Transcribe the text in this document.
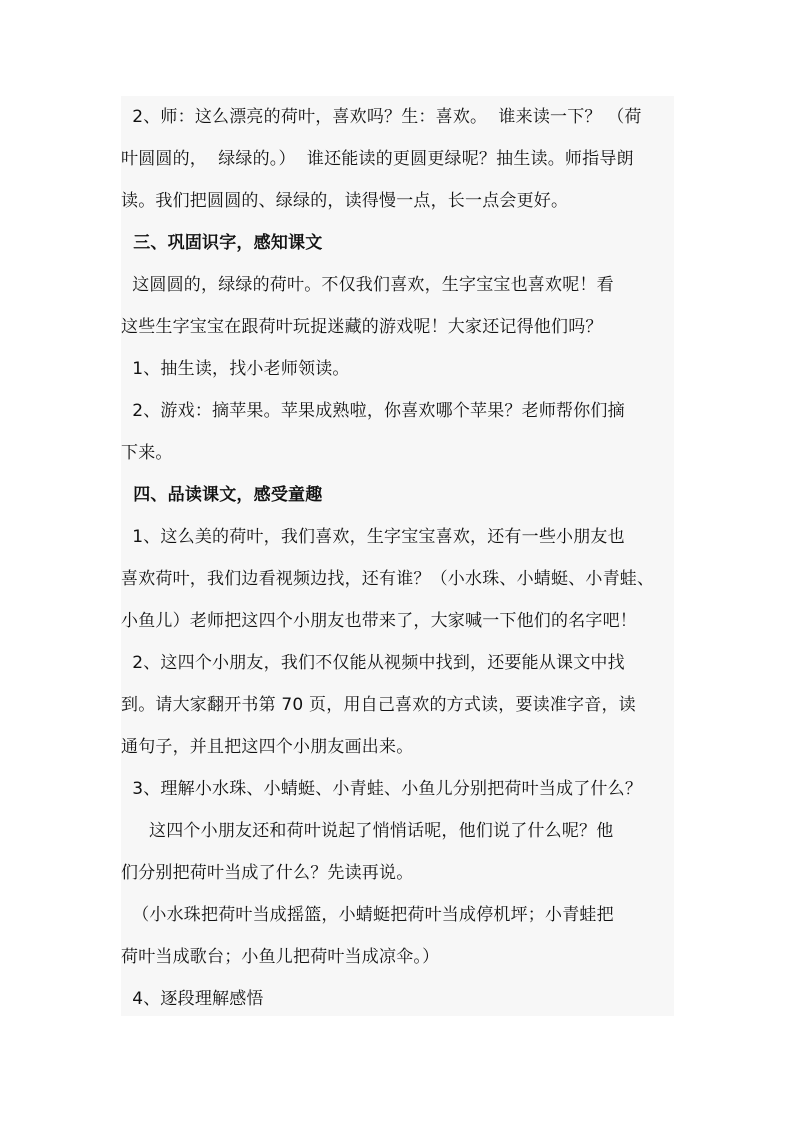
2、师：这么漂亮的荷叶，喜欢吗？生：喜欢。  谁来读一下？ （荷
叶圆圆的，  绿绿的。）  谁还能读的更圆更绿呢？抽生读。师指导朗
读。我们把圆圆的、绿绿的，读得慢一点，长一点会更好。
三、巩固识字，感知课文
这圆圆的，绿绿的荷叶。不仅我们喜欢，生字宝宝也喜欢呢！看
这些生字宝宝在跟荷叶玩捉迷藏的游戏呢！大家还记得他们吗？
1、抽生读，找小老师领读。
2、游戏：摘苹果。苹果成熟啦，你喜欢哪个苹果？老师帮你们摘
下来。
四、品读课文，感受童趣
1、这么美的荷叶，我们喜欢，生字宝宝喜欢，还有一些小朋友也
喜欢荷叶，我们边看视频边找，还有谁？（小水珠、小蜻蜓、小青蛙、
小鱼儿）老师把这四个小朋友也带来了，大家喊一下他们的名字吧！
2、这四个小朋友，我们不仅能从视频中找到，还要能从课文中找
到。请大家翻开书第 70 页，用自己喜欢的方式读，要读准字音，读
通句子，并且把这四个小朋友画出来。
3、理解小水珠、小蜻蜓、小青蛙、小鱼儿分别把荷叶当成了什么？
这四个小朋友还和荷叶说起了悄悄话呢，他们说了什么呢？他
们分别把荷叶当成了什么？先读再说。
（小水珠把荷叶当成摇篮，小蜻蜓把荷叶当成停机坪；小青蛙把
荷叶当成歌台；小鱼儿把荷叶当成凉伞。）
4、逐段理解感悟
